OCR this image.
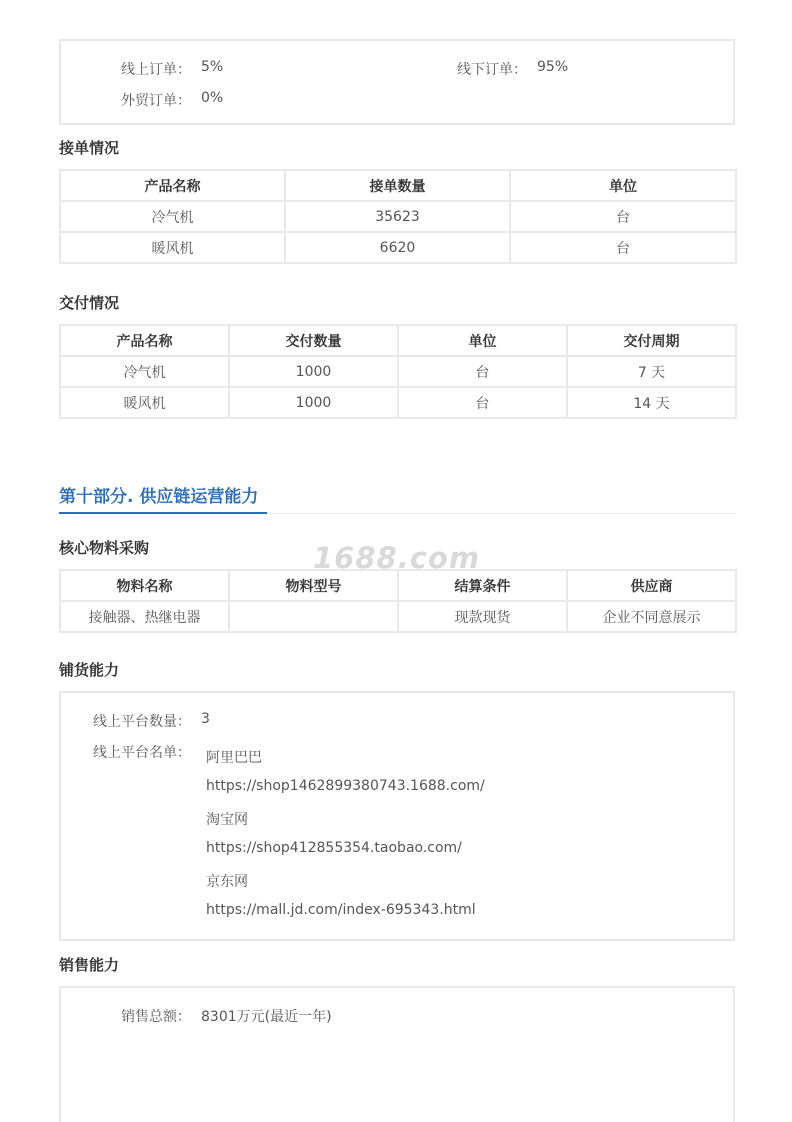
线上订单： 5%	线下订单： 95%
外贸订单： 0%
接单情况
产品名称	接单数量	单位
冷气机	35623	台
暖风机	6620	台
交付情况
产品名称	交付数量	单位	交付周期
冷气机	1000	台	7 天
暖风机	1000	台	14 天
第十部分. 供应链运营能力
核心物料采购
物料名称	物料型号	结算条件	供应商
接触器、热继电器		现款现货	企业不同意展示
铺货能力
线上平台数量： 3
线上平台名单： 阿里巴巴
https://shop1462899380743.1688.com/
淘宝网
https://shop412855354.taobao.com/
京东网
https://mall.jd.com/index-695343.html
销售能力
销售总额： 8301万元(最近一年)
1688.com
